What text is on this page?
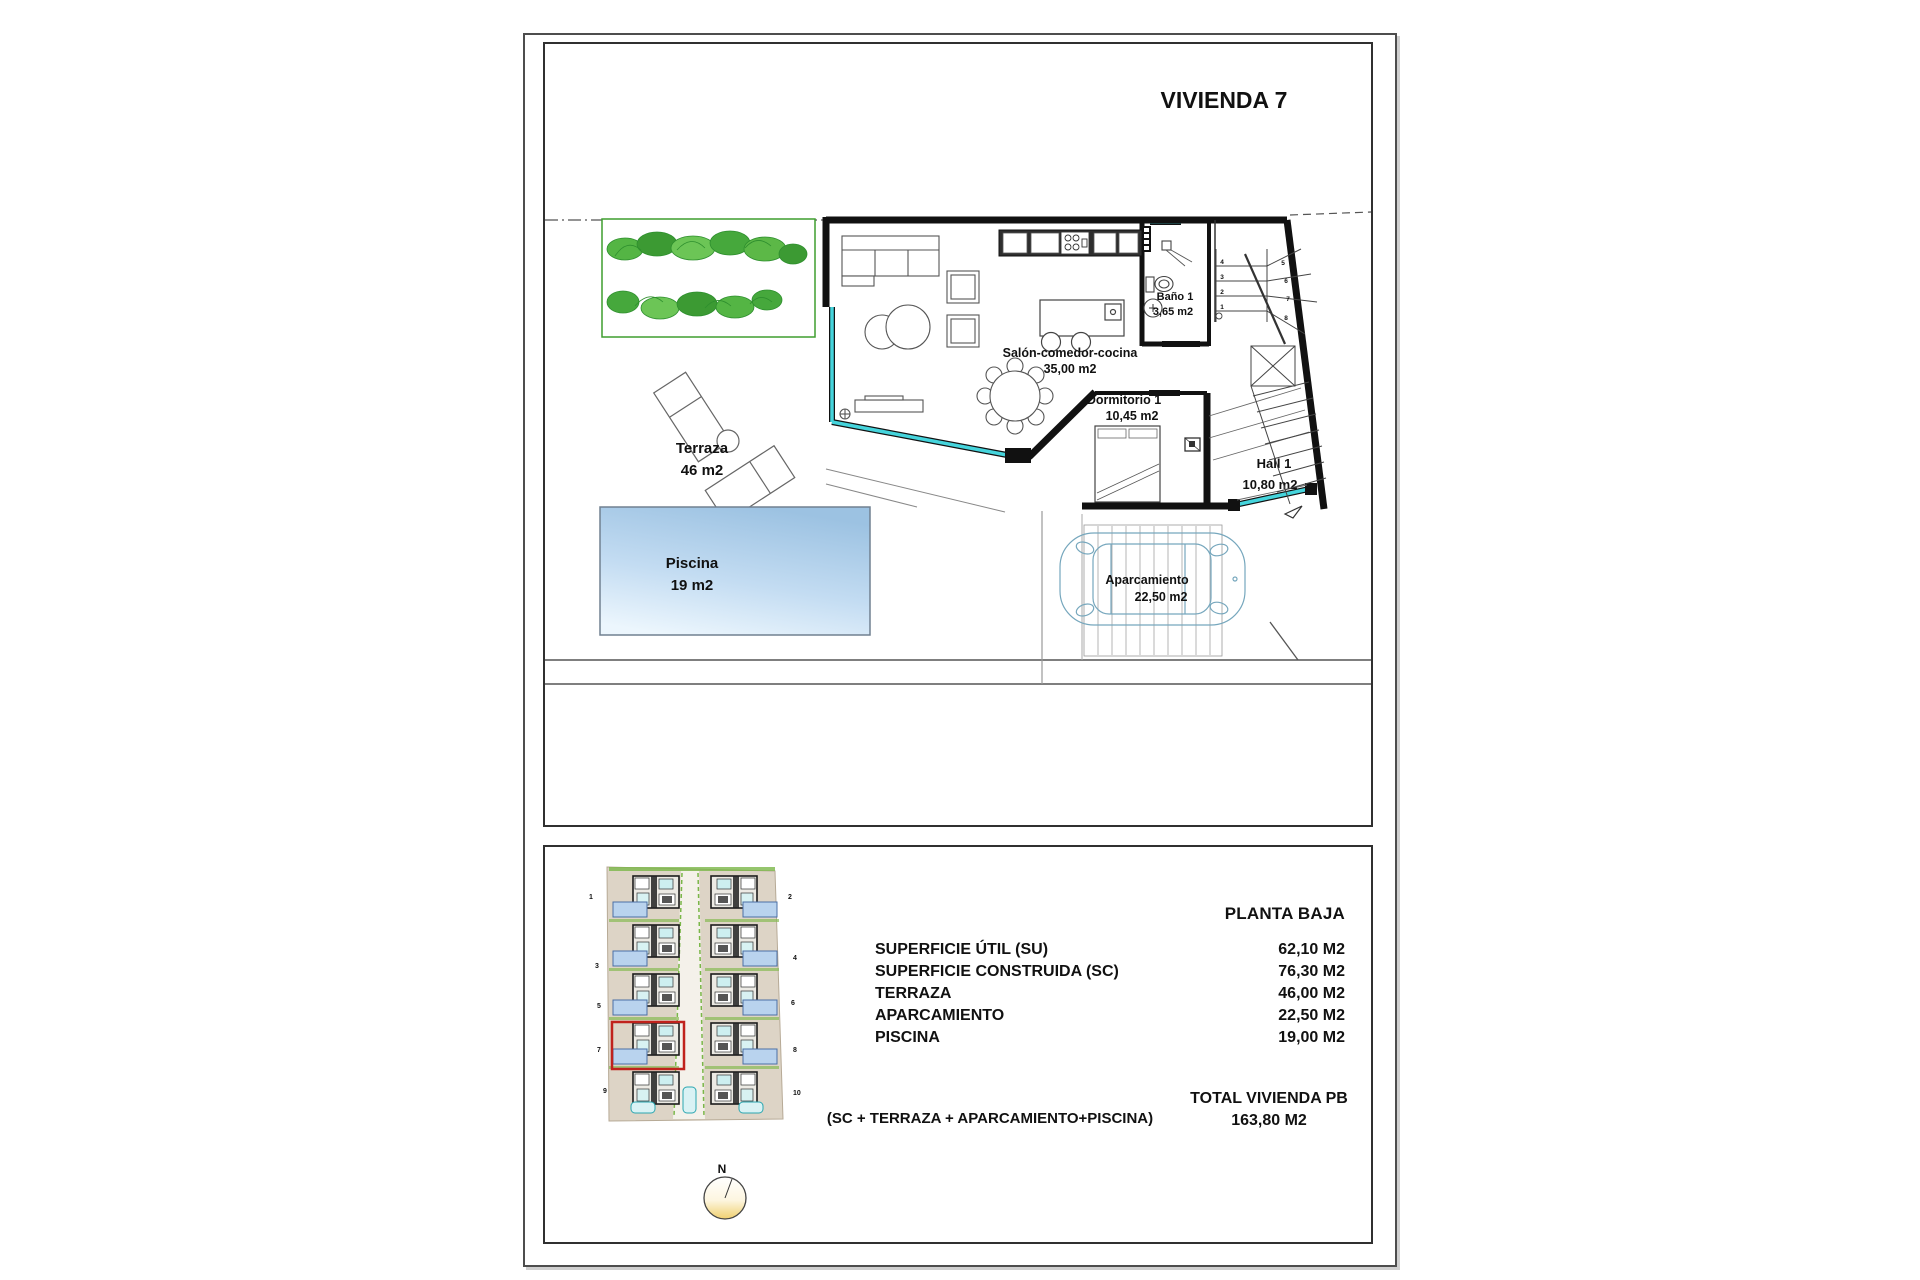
VIVIENDA 7
Terraza
46 m2
Piscina
19 m2
Salón-comedor-cocina
35,00 m2
Baño 1
3,65 m2
Dormitorio 1
10,45 m2
Hall 1
10,80 m2
4
3
2
1
5
6
7
8
Aparcamiento
22,50 m2
1
3
5
7
9
2
4
6
8
10
N
PLANTA BAJA
SUPERFICIE ÚTIL (SU)	62,10 M2
SUPERFICIE CONSTRUIDA (SC)	76,30 M2
TERRAZA	46,00 M2
APARCAMIENTO	22,50 M2
PISCINA	19,00 M2
(SC + TERRAZA + APARCAMIENTO+PISCINA)
TOTAL VIVIENDA PB
163,80 M2
